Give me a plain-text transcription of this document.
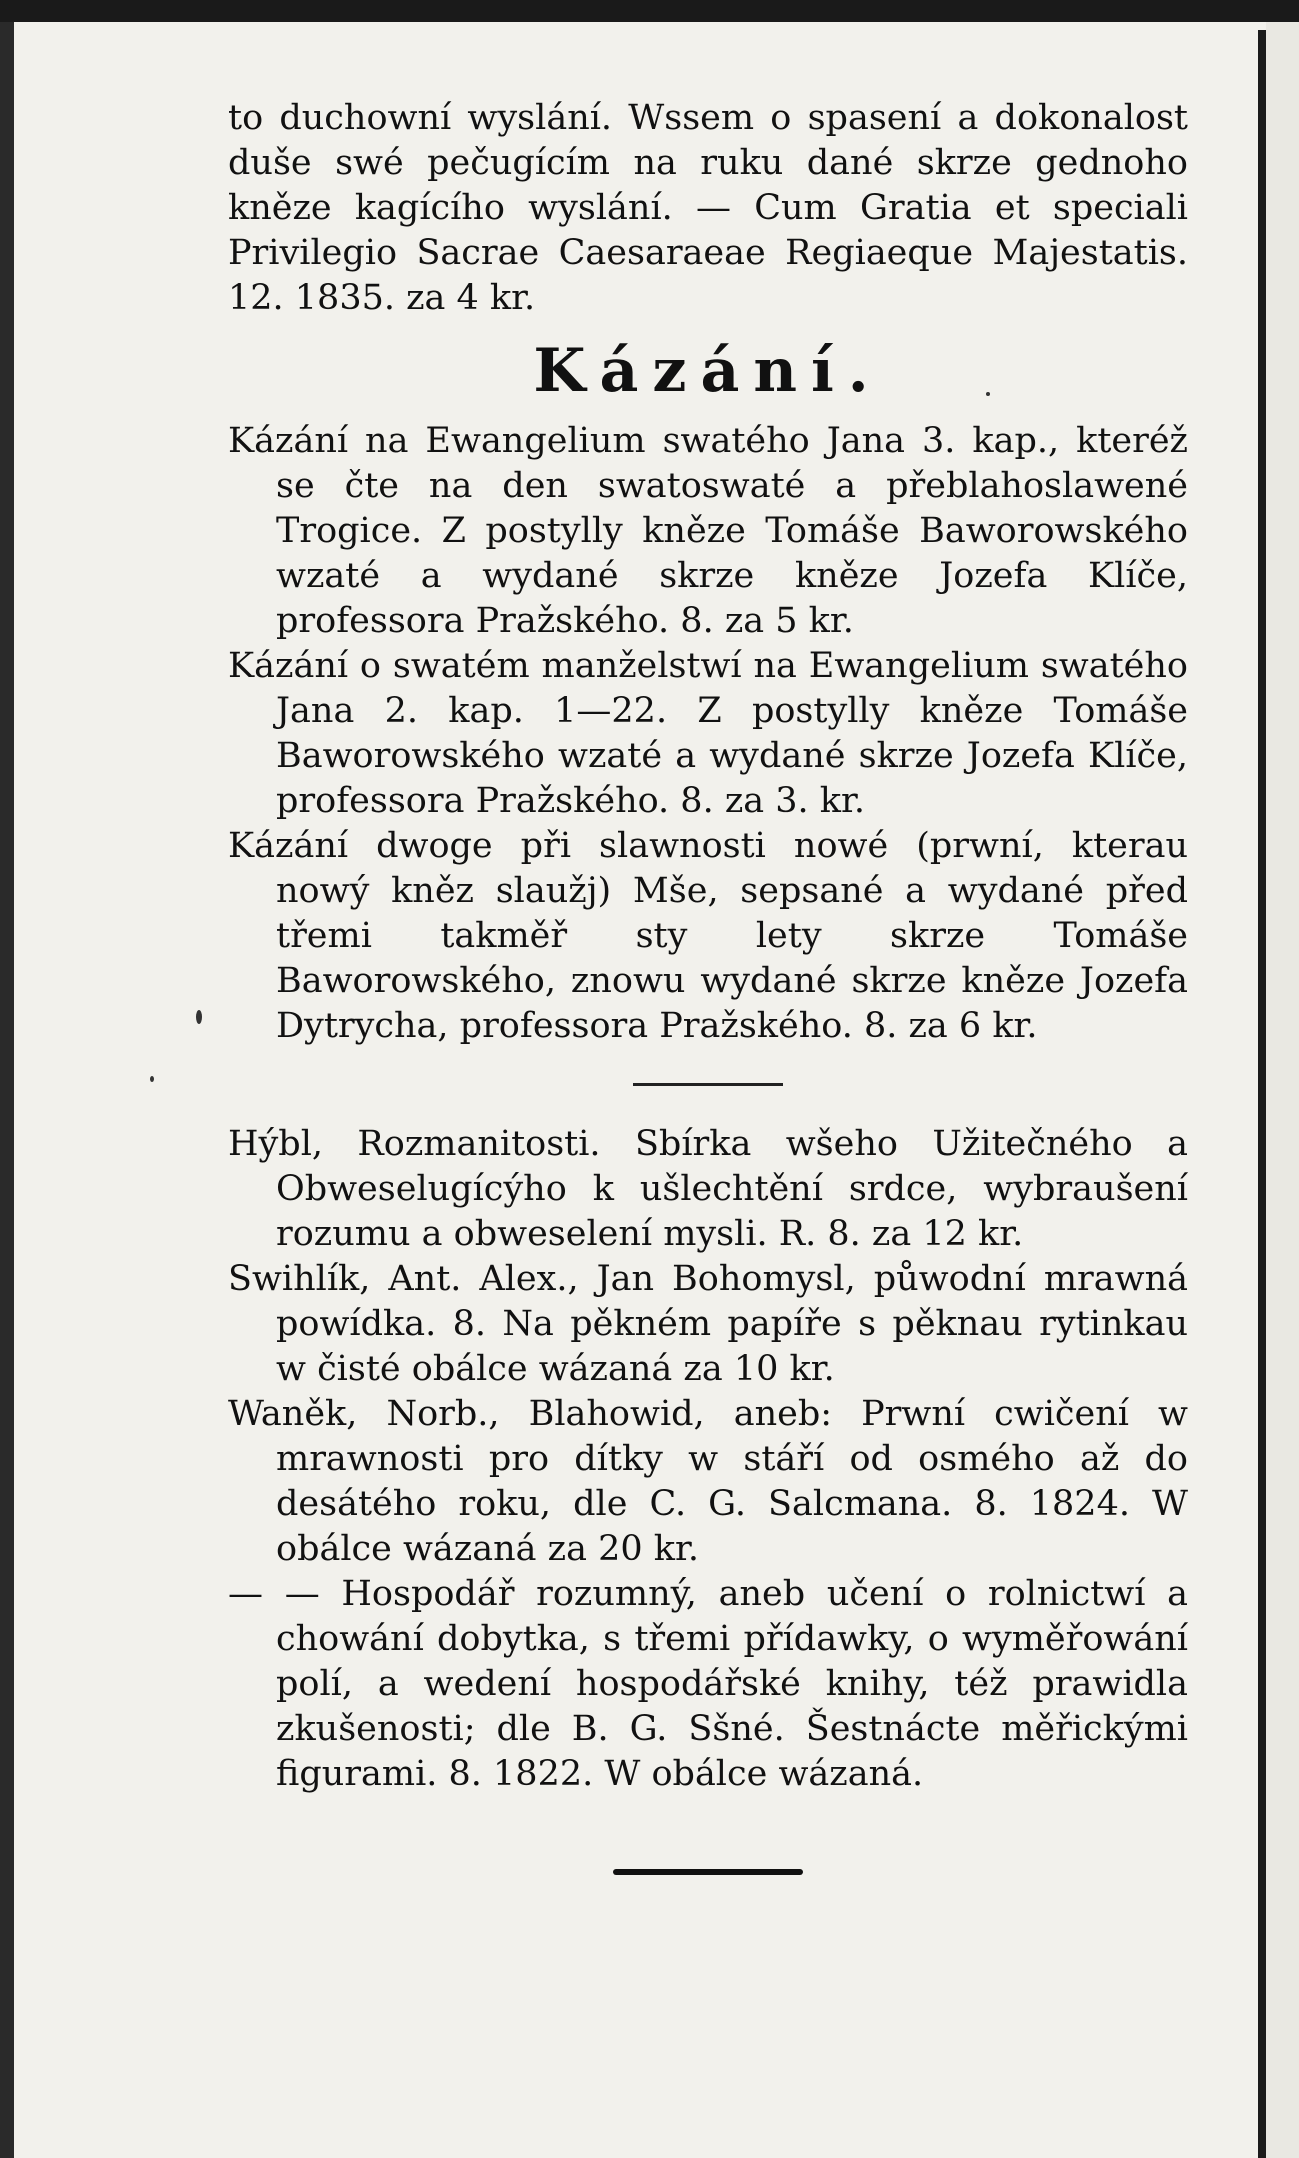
to duchowní wyslání. Wssem o spasení a dokonalost duše swé pečugícím na ruku dané skrze gednoho kněze kagícího wyslání. — Cum Gratia et speciali Privilegio Sacrae Caesaraeae Regiaeque Majestatis. 12. 1835. za 4 kr.

Kázání.

Kázání na Ewangelium swatého Jana 3. kap., kteréž se čte na den swatoswaté a přeblahoslawené Trogice. Z postylly kněze Tomáše Baworowského wzaté a wydané skrze kněze Jozefa Klíče, professora Pražského. 8. za 5 kr.

Kázání o swatém manželstwí na Ewangelium swatého Jana 2. kap. 1—22. Z postylly kněze Tomáše Baworowského wzaté a wydané skrze Jozefa Klíče, professora Pražského. 8. za 3. kr.

Kázání dwoge při slawnosti nowé (prwní, kterau nowý kněz slaužj) Mše, sepsané a wydané před třemi takměř sty lety skrze Tomáše Baworowského, znowu wydané skrze kněze Jozefa Dytrycha, professora Pražského. 8. za 6 kr.

Hýbl, Rozmanitosti. Sbírka wšeho Užitečného a Obweselugícýho k ušlechtění srdce, wybraušení rozumu a obweselení mysli. R. 8. za 12 kr.

Swihlík, Ant. Alex., Jan Bohomysl, půwodní mrawná powídka. 8. Na pěkném papíře s pěknau rytinkau w čisté obálce wázaná za 10 kr.

Waněk, Norb., Blahowid, aneb: Prwní cwičení w mrawnosti pro dítky w stáří od osmého až do desátého roku, dle C. G. Salcmana. 8. 1824. W obálce wázaná za 20 kr.

— — Hospodář rozumný, aneb učení o rolnictwí a chowání dobytka, s třemi přídawky, o wyměřowání polí, a wedení hospodářské knihy, též prawidla zkušenosti; dle B. G. Sšné. Šestnácte měřickými figurami. 8. 1822. W obálce wázaná.
